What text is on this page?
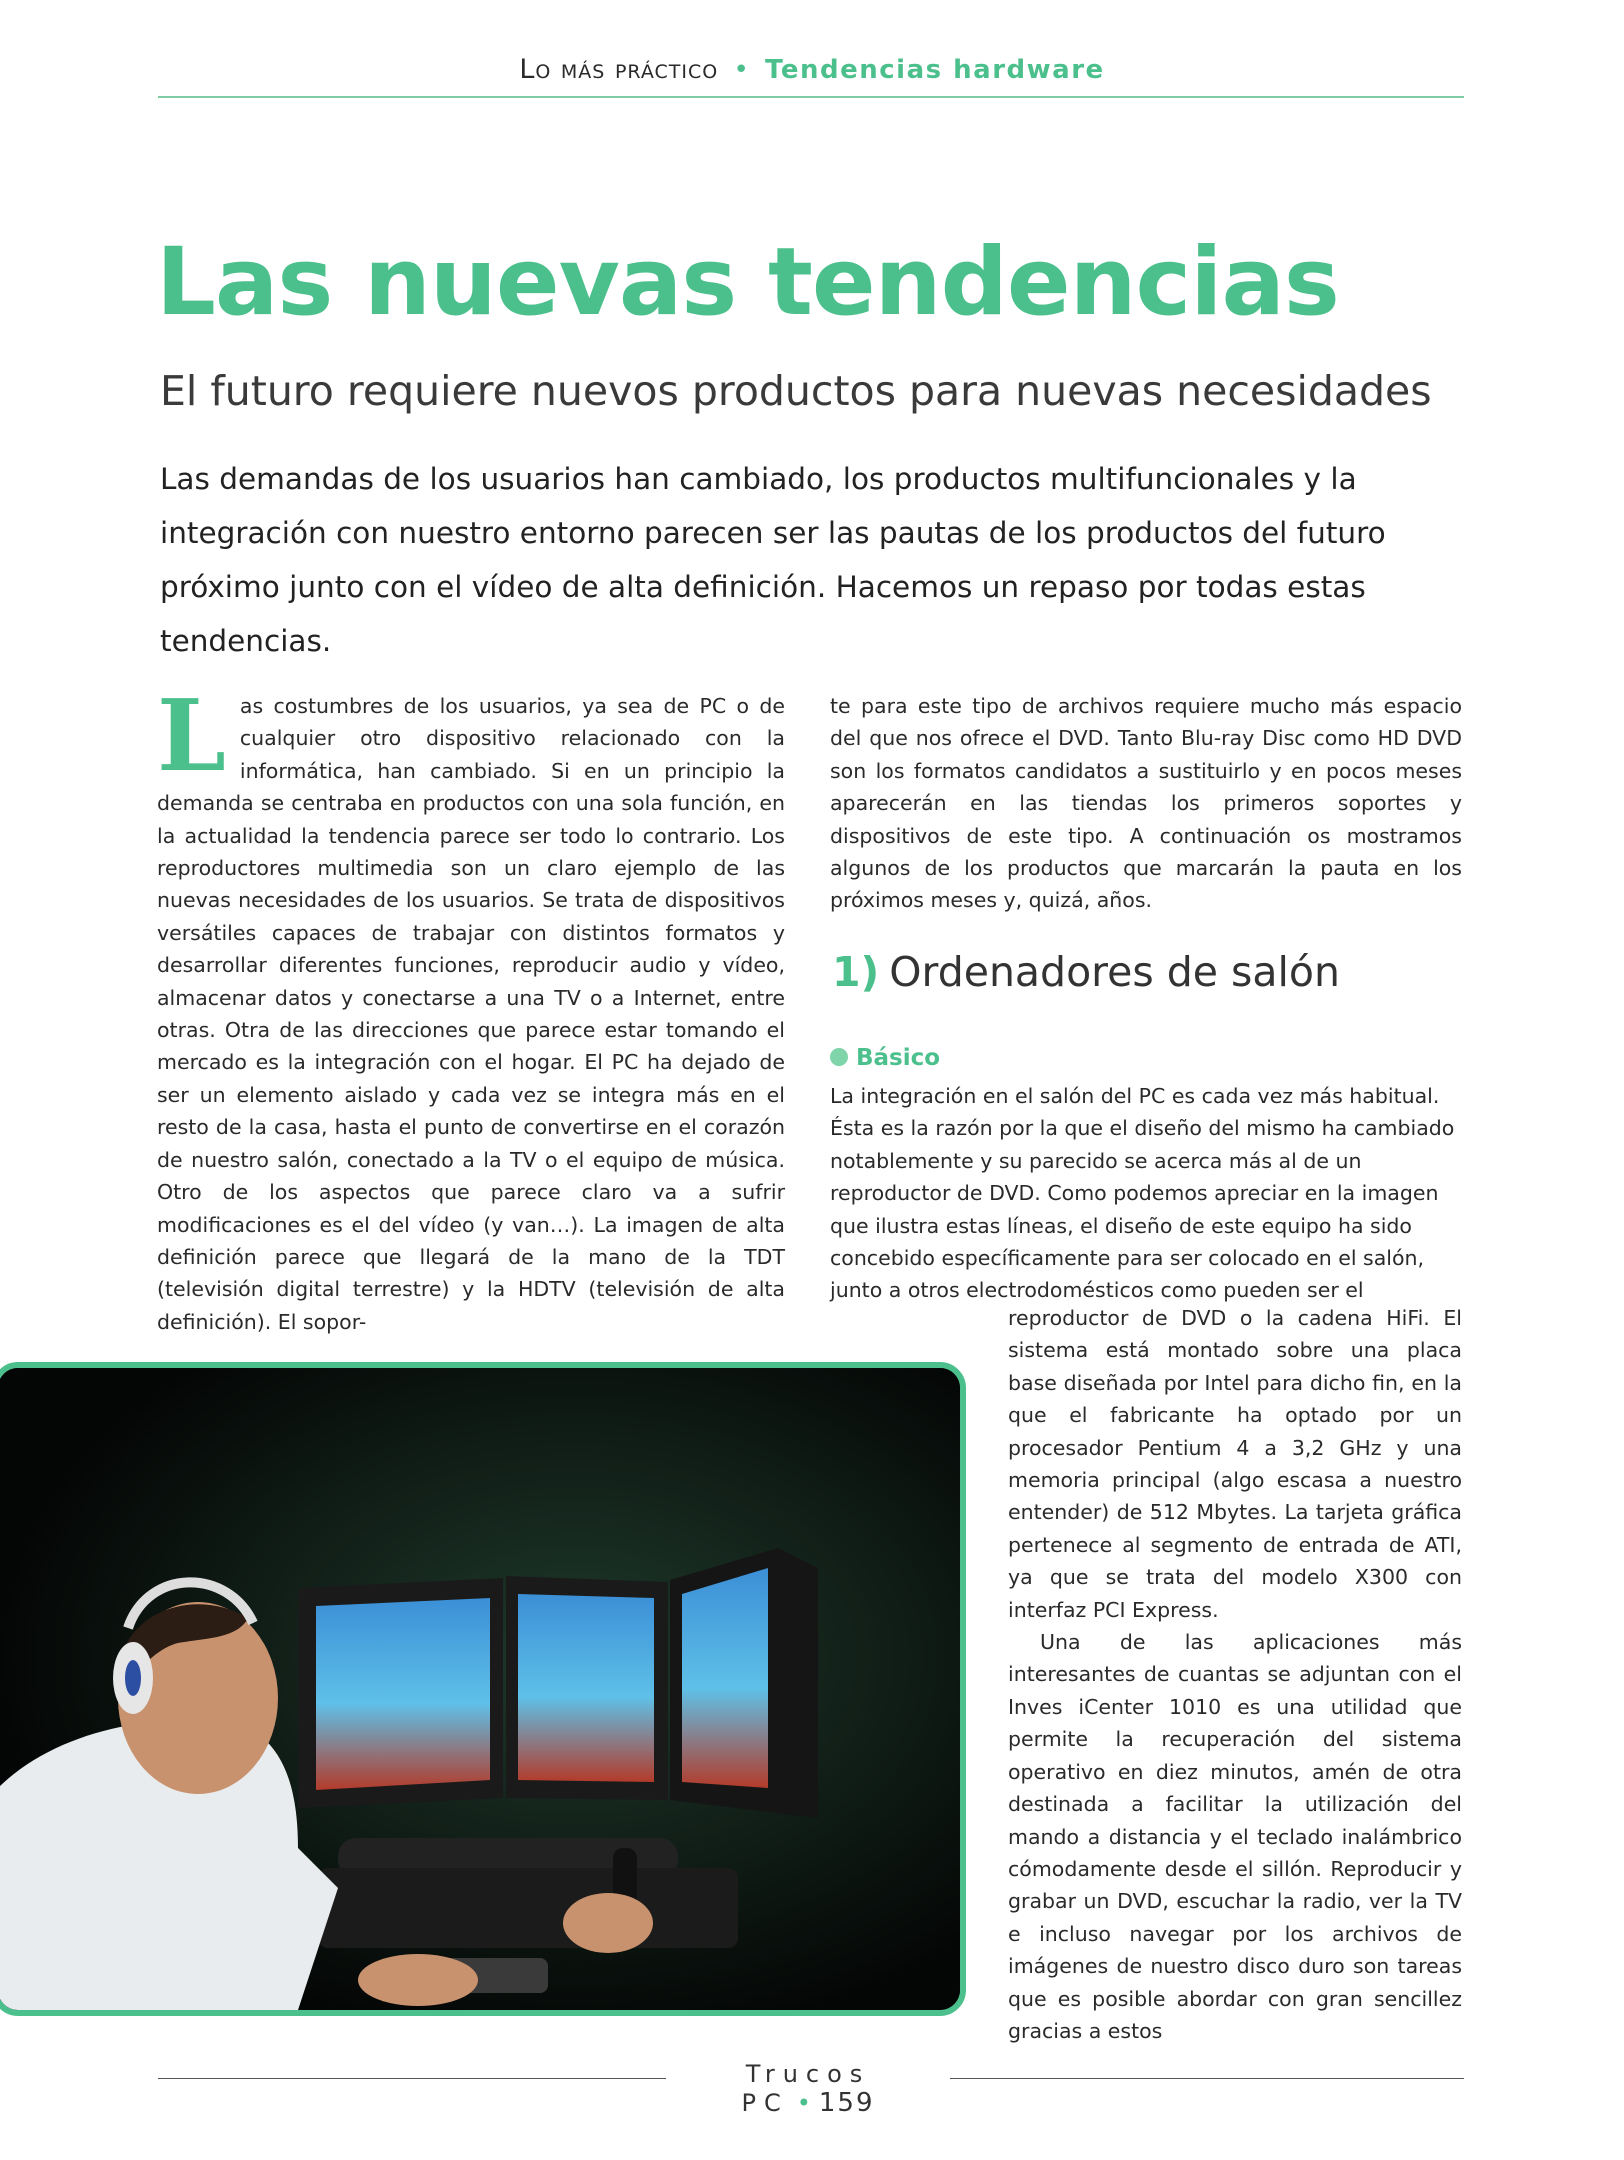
Lo más práctico • Tendencias hardware
Las nuevas tendencias
El futuro requiere nuevos productos para nuevas necesidades

Las demandas de los usuarios han cambiado, los productos multifuncionales y la integración con nuestro entorno parecen ser las pautas de los productos del futuro próximo junto con el vídeo de alta definición. Hacemos un repaso por todas estas tendencias.

Las costumbres de los usuarios, ya sea de PC o de cualquier otro dispositivo relacionado con la informática, han cambiado. Si en un principio la demanda se centraba en productos con una sola función, en la actualidad la tendencia parece ser todo lo contrario. Los reproductores multimedia son un claro ejemplo de las nuevas necesidades de los usuarios. Se trata de dispositivos versátiles capaces de trabajar con distintos formatos y desarrollar diferentes funciones, reproducir audio y vídeo, almacenar datos y conectarse a una TV o a Internet, entre otras. Otra de las direcciones que parece estar tomando el mercado es la integración con el hogar. El PC ha dejado de ser un elemento aislado y cada vez se integra más en el resto de la casa, hasta el punto de convertirse en el corazón de nuestro salón, conectado a la TV o el equipo de música. Otro de los aspectos que parece claro va a sufrir modificaciones es el del vídeo (y van…). La imagen de alta definición parece que llegará de la mano de la TDT (televisión digital terrestre) y la HDTV (televisión de alta definición). El sopor-

te para este tipo de archivos requiere mucho más espacio del que nos ofrece el DVD. Tanto Blu-ray Disc como HD DVD son los formatos candidatos a sustituirlo y en pocos meses aparecerán en las tiendas los primeros soportes y dispositivos de este tipo. A continuación os mostramos algunos de los productos que marcarán la pauta en los próximos meses y, quizá, años.

1) Ordenadores de salón
Básico

La integración en el salón del PC es cada vez más habitual. Ésta es la razón por la que el diseño del mismo ha cambiado notablemente y su parecido se acerca más al de un reproductor de DVD. Como podemos apreciar en la imagen que ilustra estas líneas, el diseño de este equipo ha sido concebido específicamente para ser colocado en el salón, junto a otros electrodomésticos como pueden ser el

reproductor de DVD o la cadena HiFi. El sistema está montado sobre una placa base diseñada por Intel para dicho fin, en la que el fabricante ha optado por un procesador Pentium 4 a 3,2 GHz y una memoria principal (algo escasa a nuestro entender) de 512 Mbytes. La tarjeta gráfica pertenece al segmento de entrada de ATI, ya que se trata del modelo X300 con interfaz PCI Express.

Una de las aplicaciones más interesantes de cuantas se adjuntan con el Inves iCenter 1010 es una utilidad que permite la recuperación del sistema operativo en diez minutos, amén de otra destinada a facilitar la utilización del mando a distancia y el teclado inalámbrico cómodamente desde el sillón. Reproducir y grabar un DVD, escuchar la radio, ver la TV e incluso navegar por los archivos de imágenes de nuestro disco duro son tareas que es posible abordar con gran sencillez gracias a estos

Trucos PC • 159
